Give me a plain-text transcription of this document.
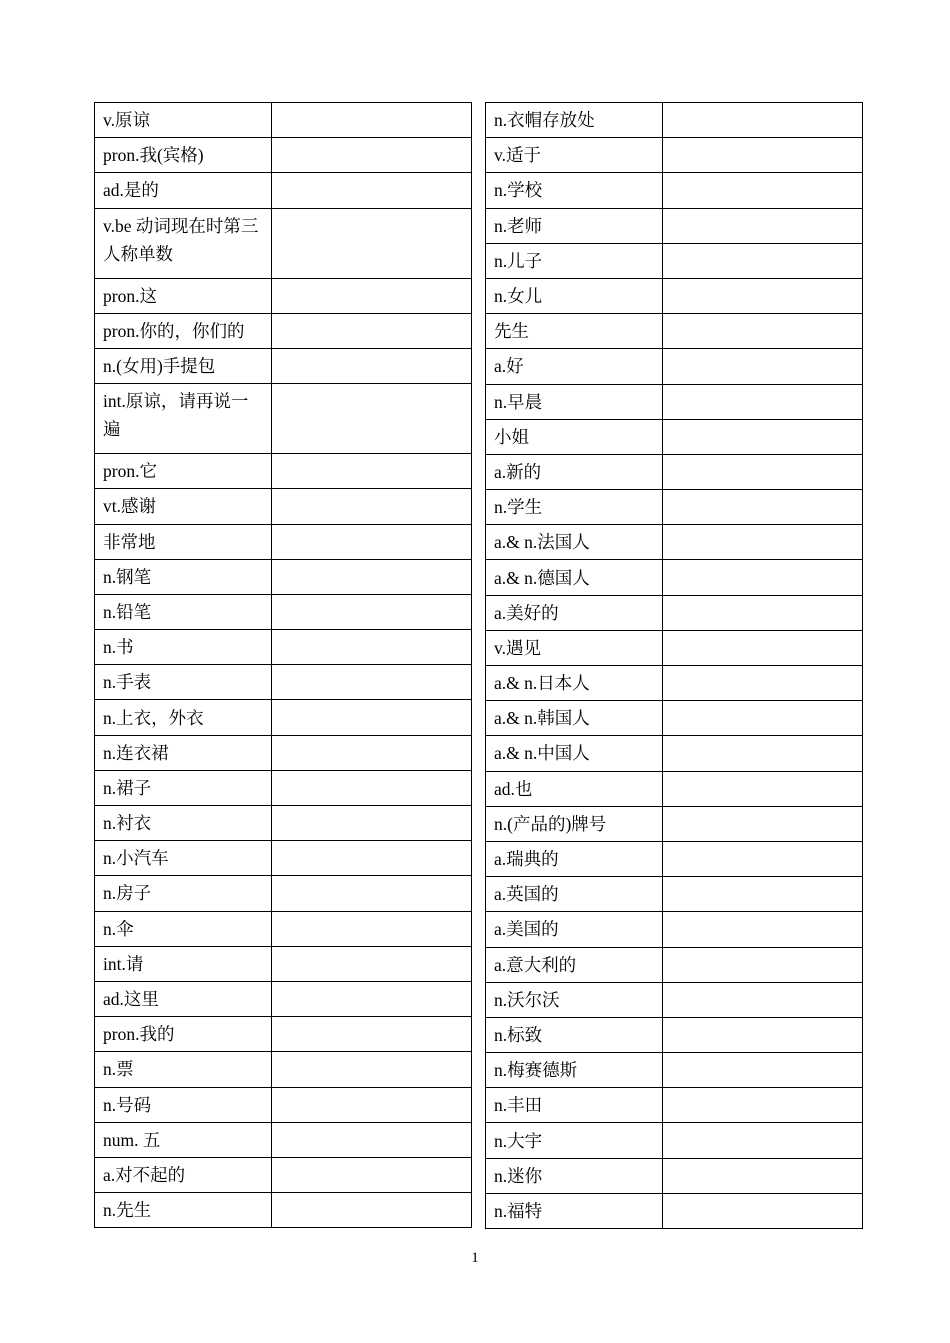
v.原谅	
pron.我(宾格)	
ad.是的	
v.be 动词现在时第三人称单数	
pron.这	
pron.你的，你们的	
n.(女用)手提包	
int.原谅，请再说一遍	
pron.它	
vt.感谢	
非常地	
n.钢笔	
n.铅笔	
n.书	
n.手表	
n.上衣，外衣	
n.连衣裙	
n.裙子	
n.衬衣	
n.小汽车	
n.房子	
n.伞	
int.请	
ad.这里	
pron.我的	
n.票	
n.号码	
num. 五	
a.对不起的	
n.先生	
n.衣帽存放处	
v.适于	
n.学校	
n.老师	
n.儿子	
n.女儿	
先生	
a.好	
n.早晨	
小姐	
a.新的	
n.学生	
a.& n.法国人	
a.& n.德国人	
a.美好的	
v.遇见	
a.& n.日本人	
a.& n.韩国人	
a.& n.中国人	
ad.也	
n.(产品的)牌号	
a.瑞典的	
a.英国的	
a.美国的	
a.意大利的	
n.沃尔沃	
n.标致	
n.梅赛德斯	
n.丰田	
n.大宇	
n.迷你	
n.福特	
1
